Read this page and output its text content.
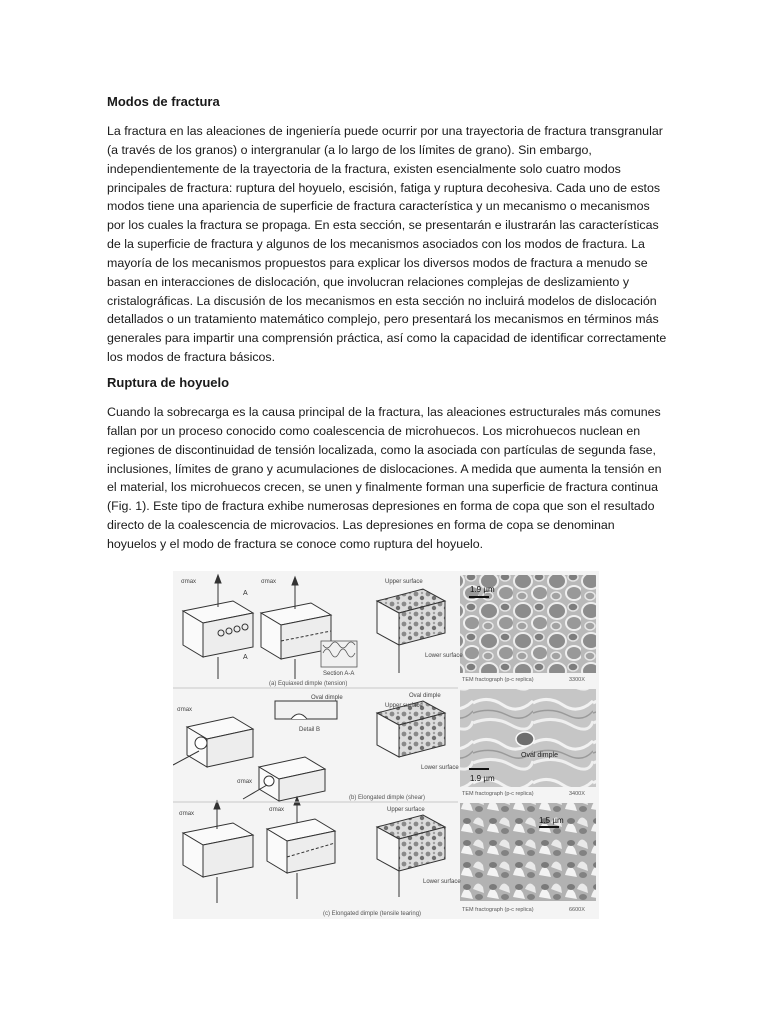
Modos de fractura

La fractura en las aleaciones de ingeniería puede ocurrir por una trayectoria de fractura transgranular (a través de los granos) o intergranular (a lo largo de los límites de grano). Sin embargo, independientemente de la trayectoria de la fractura, existen esencialmente solo cuatro modos principales de fractura: ruptura del hoyuelo, escisión, fatiga y ruptura decohesiva. Cada uno de estos modos tiene una apariencia de superficie de fractura característica y un mecanismo o mecanismos por los cuales la fractura se propaga. En esta sección, se presentarán e ilustrarán las características de la superficie de fractura y algunos de los mecanismos asociados con los modos de fractura. La mayoría de los mecanismos propuestos para explicar los diversos modos de fractura a menudo se basan en interacciones de dislocación, que involucran relaciones complejas de deslizamiento y cristalográficas. La discusión de los mecanismos en esta sección no incluirá modelos de dislocación detallados o un tratamiento matemático complejo, pero presentará los mecanismos en términos más generales para impartir una comprensión práctica, así como la capacidad de identificar correctamente los modos de fractura básicos.

Ruptura de hoyuelo

Cuando la sobrecarga es la causa principal de la fractura, las aleaciones estructurales más comunes fallan por un proceso conocido como coalescencia de microhuecos. Los microhuecos nuclean en regiones de discontinuidad de tensión localizada, como la asociada con partículas de segunda fase, inclusiones, límites de grano y acumulaciones de dislocaciones. A medida que aumenta la tensión en el material, los microhuecos crecen, se unen y finalmente forman una superficie de fractura continua (Fig. 1). Este tipo de fractura exhibe numerosas depresiones en forma de copa que son el resultado directo de la coalescencia de microvacios. Las depresiones en forma de copa se denominan hoyuelos y el modo de fractura se conoce como ruptura del hoyuelo.

1.9 µm
σmax	σmax
A
A
Upper surface
Lower surface
Section A-A
(a) Equiaxed dimple (tension)
TEM fractograph (p-c replica)	3300X
1.9 µm
Oval dimple
Detail B
Oval dimple
Upper surface
Lower surface
σmax
σmax
Oval dimple
(b) Elongated dimple (shear)
TEM fractograph (p-c replica)	3400X
1.5 µm
σmax
σmax	Upper surface
Lower surface
(c) Elongated dimple (tensile tearing)
TEM fractograph (p-c replica)	6600X
